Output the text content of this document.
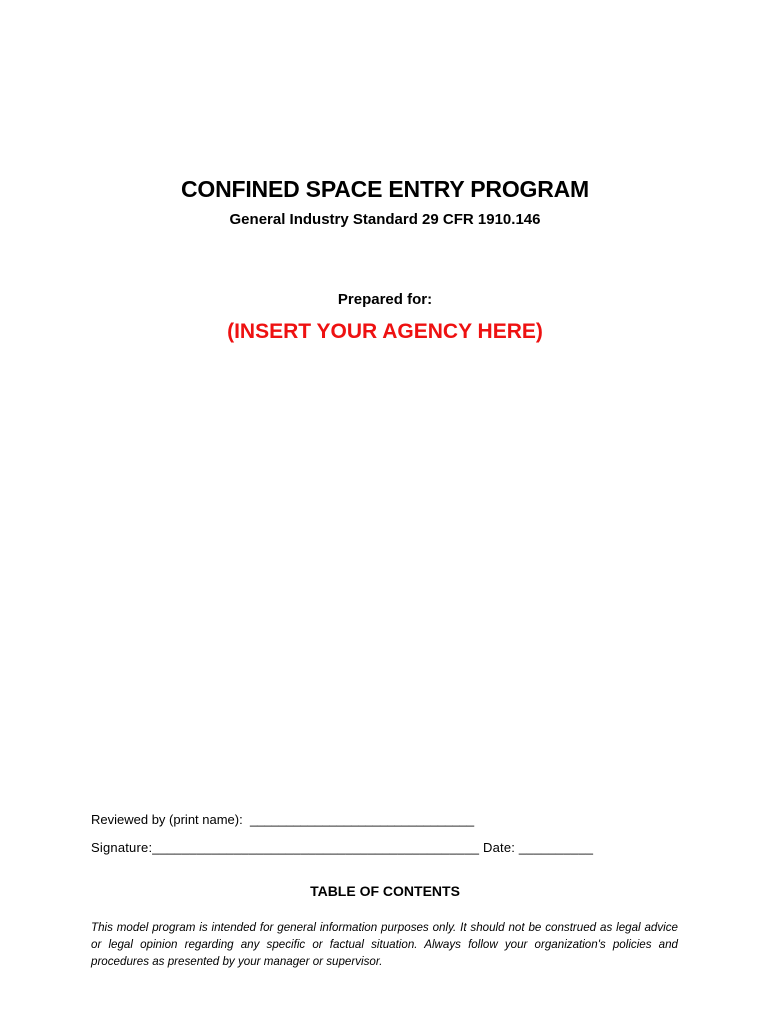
CONFINED SPACE ENTRY PROGRAM
General Industry Standard 29 CFR 1910.146
Prepared for:
(INSERT YOUR AGENCY HERE)
Reviewed by (print name):  _______________________________
Signature:____________________________________________ Date: __________
TABLE OF CONTENTS
This model program is intended for general information purposes only. It should not be construed as legal advice or legal opinion regarding any specific or factual situation. Always follow your organization's policies and procedures as presented by your manager or supervisor.
